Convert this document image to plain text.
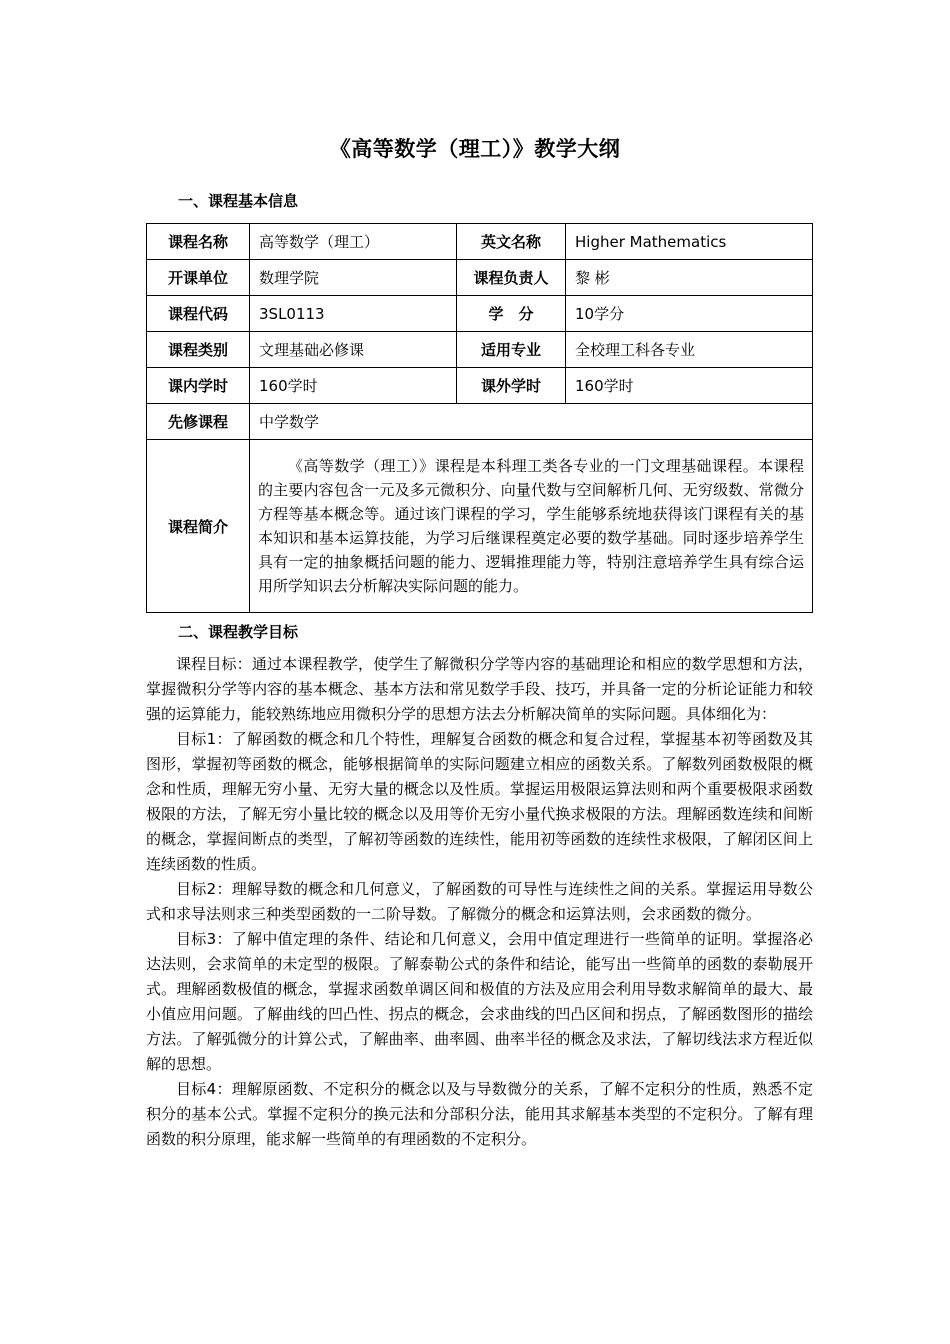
《高等数学（理工）》教学大纲
一、课程基本信息
课程名称	高等数学（理工）	英文名称	Higher Mathematics
开课单位	数理学院	课程负责人	黎 彬
课程代码	3SL0113	学　分	10学分
课程类别	文理基础必修课	适用专业	全校理工科各专业
课内学时	160学时	课外学时	160学时
先修课程	中学数学		
课程简介	《高等数学（理工）》课程是本科理工类各专业的一门文理基础课程。本课程的主要内容包含一元及多元微积分、向量代数与空间解析几何、无穷级数、常微分方程等基本概念等。通过该门课程的学习，学生能够系统地获得该门课程有关的基本知识和基本运算技能，为学习后继课程奠定必要的数学基础。同时逐步培养学生具有一定的抽象概括问题的能力、逻辑推理能力等，特别注意培养学生具有综合运用所学知识去分析解决实际问题的能力。		
二、课程教学目标

课程目标：通过本课程教学，使学生了解微积分学等内容的基础理论和相应的数学思想和方法，掌握微积分学等内容的基本概念、基本方法和常见数学手段、技巧，并具备一定的分析论证能力和较强的运算能力，能较熟练地应用微积分学的思想方法去分析解决简单的实际问题。具体细化为：

目标1：了解函数的概念和几个特性，理解复合函数的概念和复合过程，掌握基本初等函数及其图形，掌握初等函数的概念，能够根据简单的实际问题建立相应的函数关系。了解数列函数极限的概念和性质，理解无穷小量、无穷大量的概念以及性质。掌握运用极限运算法则和两个重要极限求函数极限的方法，了解无穷小量比较的概念以及用等价无穷小量代换求极限的方法。理解函数连续和间断的概念，掌握间断点的类型，了解初等函数的连续性，能用初等函数的连续性求极限，了解闭区间上连续函数的性质。

目标2：理解导数的概念和几何意义，了解函数的可导性与连续性之间的关系。掌握运用导数公式和求导法则求三种类型函数的一二阶导数。了解微分的概念和运算法则，会求函数的微分。

目标3：了解中值定理的条件、结论和几何意义，会用中值定理进行一些简单的证明。掌握洛必达法则，会求简单的未定型的极限。了解泰勒公式的条件和结论，能写出一些简单的函数的泰勒展开式。理解函数极值的概念，掌握求函数单调区间和极值的方法及应用会利用导数求解简单的最大、最小值应用问题。了解曲线的凹凸性、拐点的概念，会求曲线的凹凸区间和拐点，了解函数图形的描绘方法。了解弧微分的计算公式，了解曲率、曲率圆、曲率半径的概念及求法，了解切线法求方程近似解的思想。

目标4：理解原函数、不定积分的概念以及与导数微分的关系，了解不定积分的性质，熟悉不定积分的基本公式。掌握不定积分的换元法和分部积分法，能用其求解基本类型的不定积分。了解有理函数的积分原理，能求解一些简单的有理函数的不定积分。
